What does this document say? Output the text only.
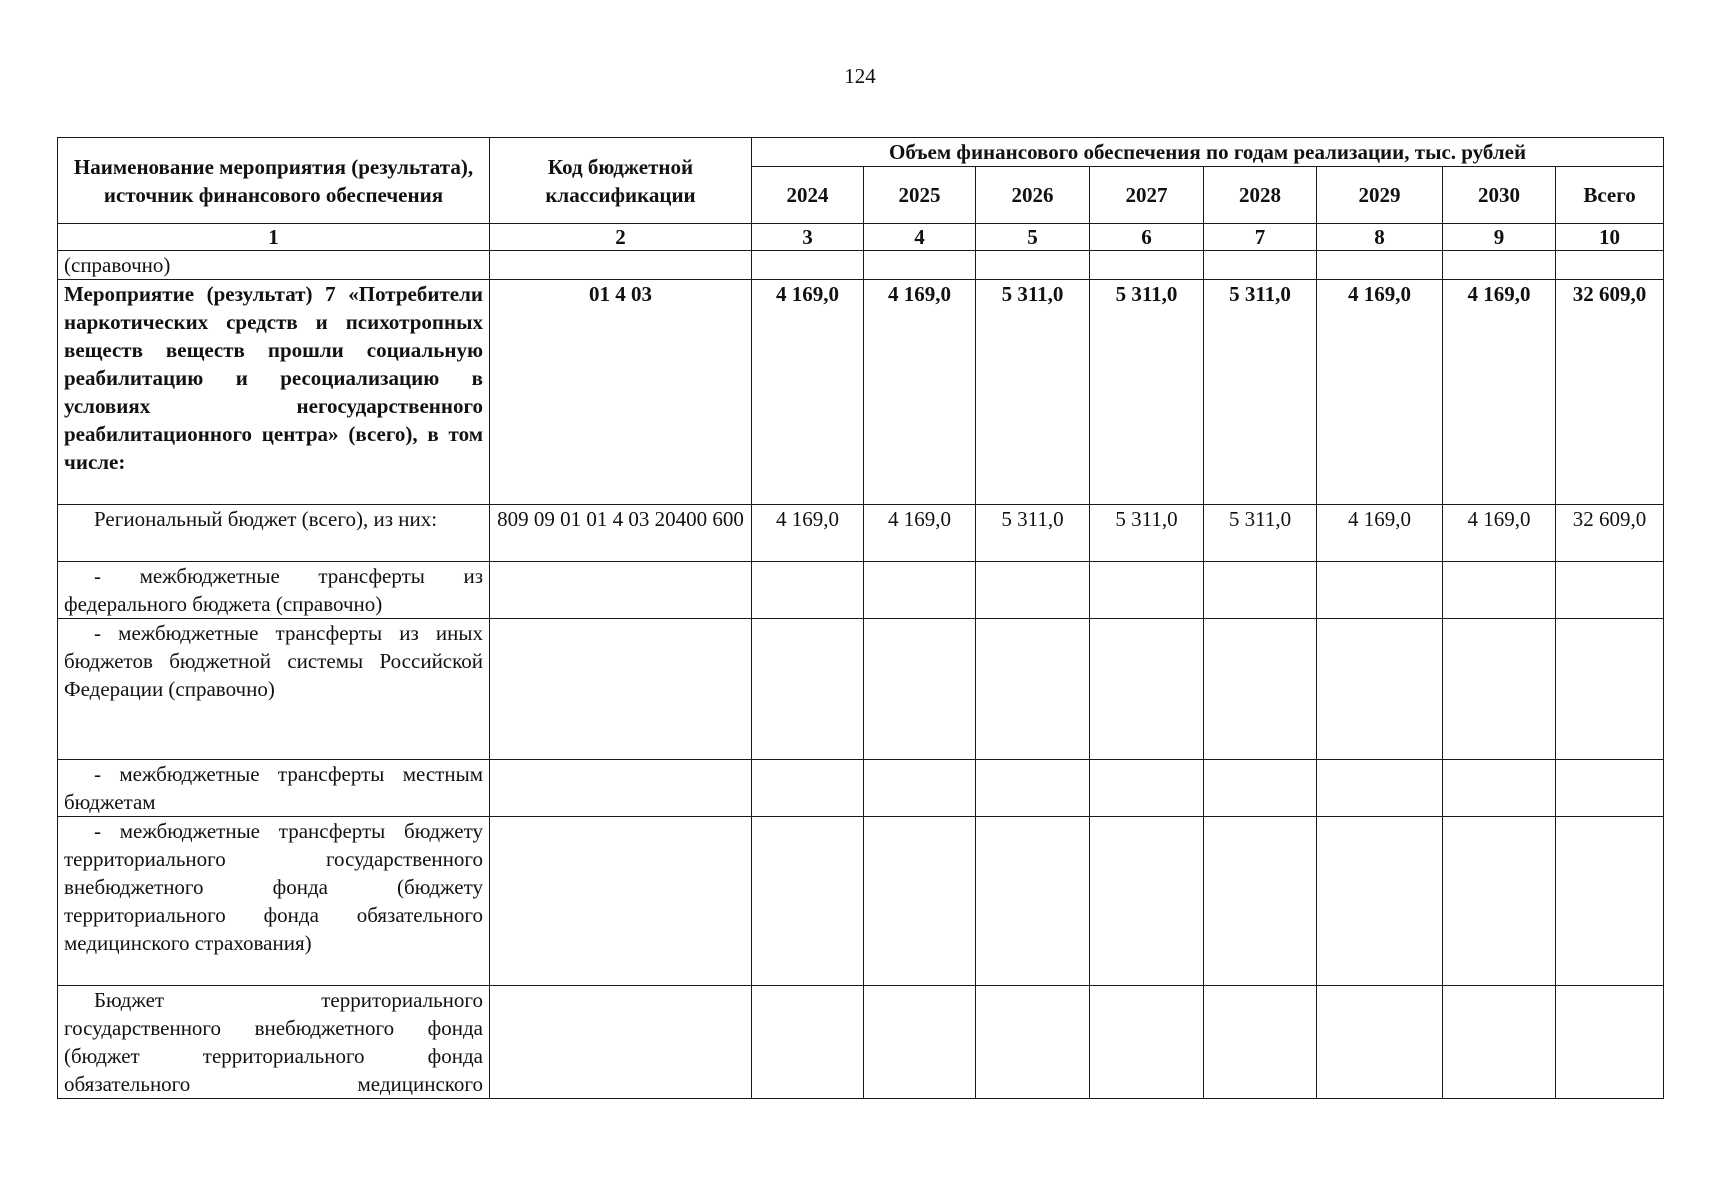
124
Наименование мероприятия (результата), источник финансового обеспечения	Код бюджетной классификации	Объем финансового обеспечения по годам реализации, тыс. рублей							
		2024	2025	2026	2027	2028	2029	2030	Всего
1	2	3	4	5	6	7	8	9	10
(справочно)									
Мероприятие (результат) 7 «Потребители наркотических средств и психотропных веществ веществ прошли социальную реабилитацию и ресоциализацию в условиях негосударственного реабилитационного центра» (всего), в том числе:	01 4 03	4 169,0	4 169,0	5 311,0	5 311,0	5 311,0	4 169,0	4 169,0	32 609,0
Региональный бюджет (всего), из них:	809 09 01 01 4 03 20400 600	4 169,0	4 169,0	5 311,0	5 311,0	5 311,0	4 169,0	4 169,0	32 609,0
- межбюджетные трансферты из федерального бюджета (справочно)									
- межбюджетные трансферты из иных бюджетов бюджетной системы Российской Федерации (справочно)									
- межбюджетные трансферты местным бюджетам									
- межбюджетные трансферты бюджету территориального государственного внебюджетного фонда (бюджету территориального фонда обязательного медицинского страхования)									
Бюджет территориального государственного внебюджетного фонда (бюджет территориального фонда обязательного медицинского									
